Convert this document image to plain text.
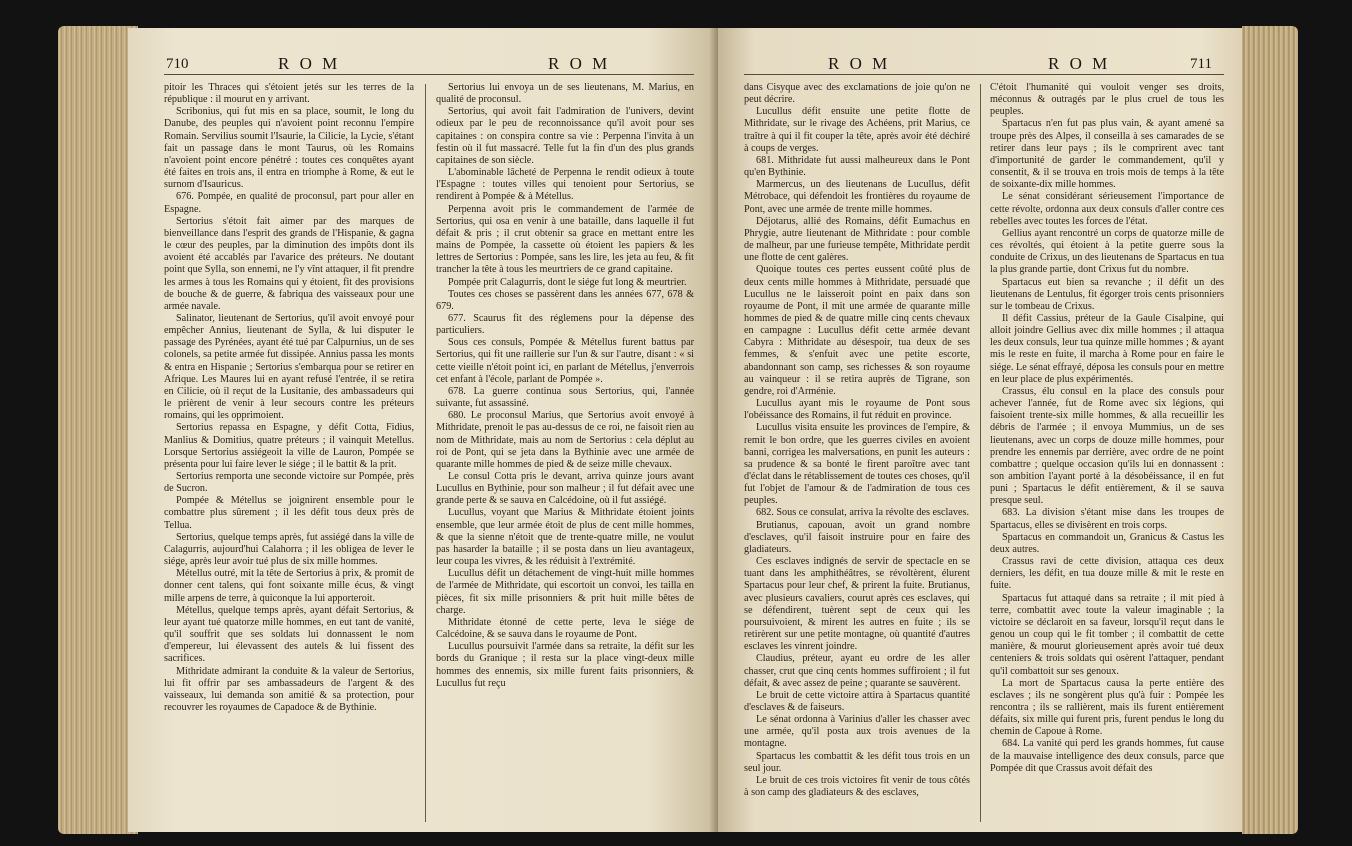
710	R O M	R O M

pitoir les Thraces qui s'étoient jetés sur les terres de la république : il mourut en y arrivant.

Scribonius, qui fut mis en sa place, soumit, le long du Danube, des peuples qui n'avoient point reconnu l'empire Romain. Servilius soumit l'Isaurie, la Cilicie, la Lycie, s'étant fait un passage dans le mont Taurus, où les Romains n'avoient point encore pénétré : toutes ces conquêtes ayant été faites en trois ans, il entra en triomphe à Rome, & eut le surnom d'Isauricus.

676. Pompée, en qualité de proconsul, part pour aller en Espagne.

Sertorius s'étoit fait aimer par des marques de bienveillance dans l'esprit des grands de l'Hispanie, & gagna le cœur des peuples, par la diminution des impôts dont ils avoient été accablés par l'avarice des préteurs. Ne doutant point que Sylla, son ennemi, ne l'y vînt attaquer, il fit prendre les armes à tous les Romains qui y étoient, fit des provisions de bouche & de guerre, & fabriqua des vaisseaux pour une armée navale.

Salinator, lieutenant de Sertorius, qu'il avoit envoyé pour empêcher Annius, lieutenant de Sylla, & lui disputer le passage des Pyrénées, ayant été tué par Calpurnius, un de ses colonels, sa petite armée fut dissipée. Annius passa les monts & entra en Hispanie ; Sertorius s'embarqua pour se retirer en Afrique. Les Maures lui en ayant refusé l'entrée, il se retira en Cilicie, où il reçut de la Lusitanie, des ambassadeurs qui le prièrent de venir à leur secours contre les préteurs romains, qui les opprimoient.

Sertorius repassa en Espagne, y défit Cotta, Fidius, Manlius & Domitius, quatre préteurs ; il vainquit Metellus. Lorsque Sertorius assiégeoit la ville de Lauron, Pompée se présenta pour lui faire lever le siége ; il le battit & la prit.

Sertorius remporta une seconde victoire sur Pompée, près de Sucron.

Pompée & Métellus se joignirent ensemble pour le combattre plus sûrement ; il les défit tous deux près de Tellua.

Sertorius, quelque temps après, fut assiégé dans la ville de Calagurris, aujourd'hui Calahorra ; il les obligea de lever le siége, après leur avoir tué plus de six mille hommes.

Métellus outré, mit la tête de Sertorius à prix, & promit de donner cent talens, qui font soixante mille écus, & vingt mille arpens de terre, à quiconque la lui apporteroit.

Métellus, quelque temps après, ayant défait Sertorius, & leur ayant tué quatorze mille hommes, en eut tant de vanité, qu'il souffrit que ses soldats lui donnassent le nom d'empereur, lui élevassent des autels & lui fissent des sacrifices.

Mithridate admirant la conduite & la valeur de Sertorius, lui fit offrir par ses ambassadeurs de l'argent & des vaisseaux, lui demanda son amitié & sa protection, pour recouvrer les royaumes de Capadoce & de Bythinie.

Sertorius lui envoya un de ses lieutenans, M. Marius, en qualité de proconsul.

Sertorius, qui avoit fait l'admiration de l'univers, devint odieux par le peu de reconnoissance qu'il avoit pour ses capitaines : on conspira contre sa vie : Perpenna l'invita à un festin où il fut massacré. Telle fut la fin d'un des plus grands capitaines de son siècle.

L'abominable lâcheté de Perpenna le rendit odieux à toute l'Espagne : toutes villes qui tenoient pour Sertorius, se rendirent à Pompée & à Métellus.

Perpenna avoit pris le commandement de l'armée de Sertorius, qui osa en venir à une bataille, dans laquelle il fut défait & pris ; il crut obtenir sa grace en mettant entre les mains de Pompée, la cassette où étoient les papiers & les lettres de Sertorius : Pompée, sans les lire, les jeta au feu, & fit trancher la tête à tous les meurtriers de ce grand capitaine.

Pompée prit Calagurris, dont le siége fut long & meurtrier.

Toutes ces choses se passèrent dans les années 677, 678 & 679.

677. Scaurus fit des réglemens pour la dépense des particuliers.

Sous ces consuls, Pompée & Métellus furent battus par Sertorius, qui fit une raillerie sur l'un & sur l'autre, disant : « si cette vieille n'étoit point ici, en parlant de Métellus, j'enverrois cet enfant à l'école, parlant de Pompée ».

678. La guerre continua sous Sertorius, qui, l'année suivante, fut assassiné.

680. Le proconsul Marius, que Sertorius avoit envoyé à Mithridate, prenoit le pas au-dessus de ce roi, ne faisoit rien au nom de Mithridate, mais au nom de Sertorius : cela déplut au roi de Pont, qui se jeta dans la Bythinie avec une armée de quarante mille hommes de pied & de seize mille chevaux.

Le consul Cotta pris le devant, arriva quinze jours avant Lucullus en Bythinie, pour son malheur ; il fut défait avec une grande perte & se sauva en Calcédoine, où il fut assiégé.

Lucullus, voyant que Marius & Mithridate étoient joints ensemble, que leur armée étoit de plus de cent mille hommes, & que la sienne n'étoit que de trente-quatre mille, ne voulut pas hasarder la bataille ; il se posta dans un lieu avantageux, leur coupa les vivres, & les réduisit à l'extrémité.

Lucullus défit un détachement de vingt-huit mille hommes de l'armée de Mithridate, qui escortoit un convoi, les tailla en pièces, fit six mille prisonniers & prit huit mille bêtes de charge.

Mithridate étonné de cette perte, leva le siége de Calcédoine, & se sauva dans le royaume de Pont.

Lucullus poursuivit l'armée dans sa retraite, la défit sur les bords du Granique ; il resta sur la place vingt-deux mille hommes des ennemis, six mille furent faits prisonniers, & Lucullus fut reçu

R O M	R O M	711

dans Cisyque avec des exclamations de joie qu'on ne peut décrire.

Lucullus défit ensuite une petite flotte de Mithridate, sur le rivage des Achéens, prit Marius, ce traître à qui il fit couper la tête, après avoir été déchiré à coups de verges.

681. Mithridate fut aussi malheureux dans le Pont qu'en Bythinie.

Marmercus, un des lieutenans de Lucullus, défit Métrobace, qui défendoit les frontières du royaume de Pont, avec une armée de trente mille hommes.

Déjotarus, allié des Romains, défit Eumachus en Phrygie, autre lieutenant de Mithridate : pour comble de malheur, par une furieuse tempête, Mithridate perdit une flotte de cent galères.

Quoique toutes ces pertes eussent coûté plus de deux cents mille hommes à Mithridate, persuadé que Lucullus ne le laisseroit point en paix dans son royaume de Pont, il mit une armée de quarante mille hommes de pied & de quatre mille cinq cents chevaux en campagne : Lucullus défit cette armée devant Cabyra : Mithridate au désespoir, tua deux de ses femmes, & s'enfuit avec une petite escorte, abandonnant son camp, ses richesses & son royaume au vainqueur : il se retira auprès de Tigrane, son gendre, roi d'Arménie.

Lucullus ayant mis le royaume de Pont sous l'obéissance des Romains, il fut réduit en province.

Lucullus visita ensuite les provinces de l'empire, & remit le bon ordre, que les guerres civiles en avoient banni, corrigea les malversations, en punit les auteurs : sa prudence & sa bonté le firent paroître avec tant d'éclat dans le rétablissement de toutes ces choses, qu'il fut l'objet de l'amour & de l'admiration de tous ces peuples.

682. Sous ce consulat, arriva la révolte des esclaves.

Brutianus, capouan, avoit un grand nombre d'esclaves, qu'il faisoit instruire pour en faire des gladiateurs.

Ces esclaves indignés de servir de spectacle en se tuant dans les amphithéâtres, se révoltèrent, élurent Spartacus pour leur chef, & prirent la fuite. Brutianus, avec plusieurs cavaliers, courut après ces esclaves, qui se défendirent, tuèrent sept de ceux qui les poursuivoient, & mirent les autres en fuite ; ils se retirèrent sur une petite montagne, où quantité d'autres esclaves les vinrent joindre.

Claudius, préteur, ayant eu ordre de les aller chasser, crut que cinq cents hommes suffiroient ; il fut défait, & avec assez de peine ; quarante se sauvèrent.

Le bruit de cette victoire attira à Spartacus quantité d'esclaves & de faiseurs.

Le sénat ordonna à Varinius d'aller les chasser avec une armée, qu'il posta aux trois avenues de la montagne.

Spartacus les combattit & les défit tous trois en un seul jour.

Le bruit de ces trois victoires fit venir de tous côtés à son camp des gladiateurs & des esclaves,

C'étoit l'humanité qui vouloit venger ses droits, méconnus & outragés par le plus cruel de tous les peuples.

Spartacus n'en fut pas plus vain, & ayant amené sa troupe près des Alpes, il conseilla à ses camarades de se retirer dans leur pays ; ils le comprirent avec tant d'importunité de garder le commandement, qu'il y consentit, & il se trouva en trois mois de temps à la tête de soixante-dix mille hommes.

Le sénat considérant sérieusement l'importance de cette révolte, ordonna aux deux consuls d'aller contre ces rebelles avec toutes les forces de l'état.

Gellius ayant rencontré un corps de quatorze mille de ces révoltés, qui étoient à la petite guerre sous la conduite de Crixus, un des lieutenans de Spartacus en tua la plus grande partie, dont Crixus fut du nombre.

Spartacus eut bien sa revanche ; il défit un des lieutenans de Lentulus, fit égorger trois cents prisonniers sur le tombeau de Crixus.

Il défit Cassius, préteur de la Gaule Cisalpine, qui alloit joindre Gellius avec dix mille hommes ; il attaqua les deux consuls, leur tua quinze mille hommes ; & ayant mis le reste en fuite, il marcha à Rome pour en faire le siége. Le sénat effrayé, déposa les consuls pour en mettre en leur place de plus expérimentés.

Crassus, élu consul en la place des consuls pour achever l'année, fut de Rome avec six légions, qui faisoient trente-six mille hommes, & alla recueillir les débris de l'armée ; il envoya Mummius, un de ses lieutenans, avec un corps de douze mille hommes, pour prendre les ennemis par derrière, avec ordre de ne point combattre ; quelque occasion qu'ils lui en donnassent : son ambition l'ayant porté à la désobéissance, il en fut puni ; Spartacus le défit entièrement, & il se sauva presque seul.

683. La division s'étant mise dans les troupes de Spartacus, elles se divisèrent en trois corps.

Spartacus en commandoit un, Granicus & Castus les deux autres.

Crassus ravi de cette division, attaqua ces deux derniers, les défit, en tua douze mille & mit le reste en fuite.

Spartacus fut attaqué dans sa retraite ; il mit pied à terre, combattit avec toute la valeur imaginable ; la victoire se déclaroit en sa faveur, lorsqu'il reçut dans le genou un coup qui le fit tomber ; il combattit de cette manière, & mourut glorieusement après avoir tué deux centeniers & trois soldats qui osèrent l'attaquer, pendant qu'il combattoit sur ses genoux.

La mort de Spartacus causa la perte entière des esclaves ; ils ne songèrent plus qu'à fuir : Pompée les rencontra ; ils se rallièrent, mais ils furent entièrement défaits, six mille qui furent pris, furent pendus le long du chemin de Capoue à Rome.

684. La vanité qui perd les grands hommes, fut cause de la mauvaise intelligence des deux consuls, parce que Pompée dit que Crassus avoit défait des
